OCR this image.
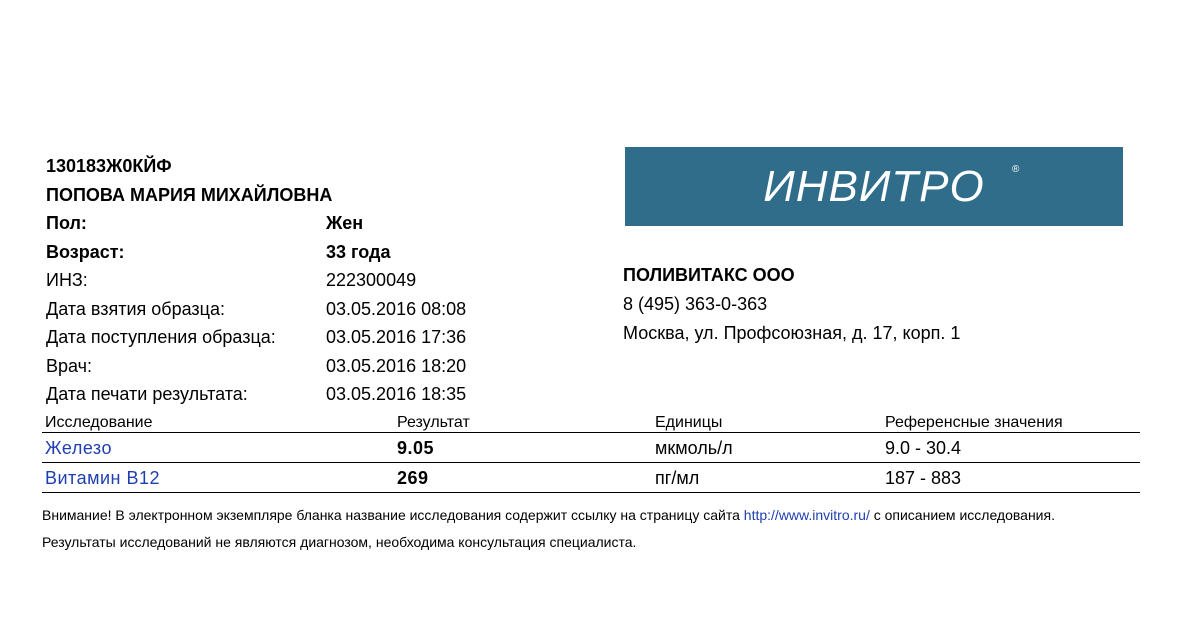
130183Ж0КЙФ
ПОПОВА МАРИЯ МИХАЙЛОВНА
Пол:	Жен
Возраст:	33 года
ИНЗ:	222300049
Дата взятия образца:	03.05.2016 08:08
Дата поступления образца:	03.05.2016 17:36
Врач:	03.05.2016 18:20
Дата печати результата:	03.05.2016 18:35
ИНВИТРО	®
ПОЛИВИТАКС ООО
8 (495) 363-0-363
Москва, ул. Профсоюзная, д. 17, корп. 1
Исследование	Результат	Единицы	Референсные значения
Железо	9.05	мкмоль/л	9.0 - 30.4
Витамин В12	269	пг/мл	187 - 883

Внимание! В электронном экземпляре бланка название исследования содержит ссылку на страницу сайта http://www.invitro.ru/ с описанием исследования.

Результаты исследований не являются диагнозом, необходима консультация специалиста.
